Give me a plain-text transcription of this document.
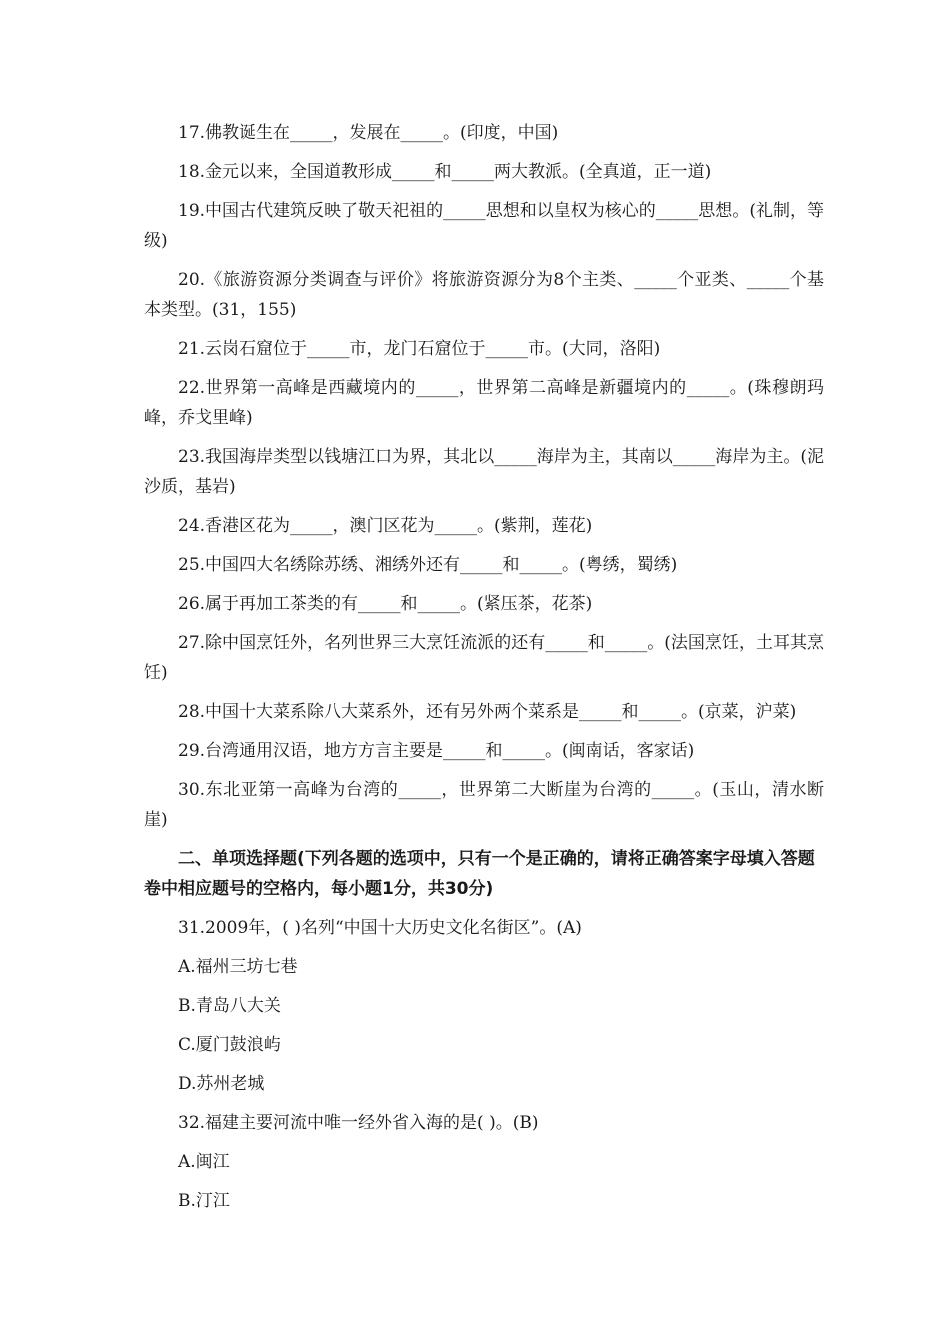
17.佛教诞生在_____，发展在_____。(印度，中国)

18.金元以来，全国道教形成_____和_____两大教派。(全真道，正一道)

19.中国古代建筑反映了敬天祀祖的_____思想和以皇权为核心的_____思想。(礼制，等级)

20.《旅游资源分类调查与评价》将旅游资源分为8个主类、_____个亚类、_____个基本类型。(31，155)

21.云岗石窟位于_____市，龙门石窟位于_____市。(大同，洛阳)

22.世界第一高峰是西藏境内的_____，世界第二高峰是新疆境内的_____。(珠穆朗玛峰，乔戈里峰)

23.我国海岸类型以钱塘江口为界，其北以_____海岸为主，其南以_____海岸为主。(泥沙质，基岩)

24.香港区花为_____，澳门区花为_____。(紫荆，莲花)

25.中国四大名绣除苏绣、湘绣外还有_____和_____。(粤绣，蜀绣)

26.属于再加工茶类的有_____和_____。(紧压茶，花茶)

27.除中国烹饪外，名列世界三大烹饪流派的还有_____和_____。(法国烹饪，土耳其烹饪)

28.中国十大菜系除八大菜系外，还有另外两个菜系是_____和_____。(京菜，沪菜)

29.台湾通用汉语，地方方言主要是_____和_____。(闽南话，客家话)

30.东北亚第一高峰为台湾的_____，世界第二大断崖为台湾的_____。(玉山，清水断崖)

二、单项选择题(下列各题的选项中，只有一个是正确的，请将正确答案字母填入答题卷中相应题号的空格内，每小题1分，共30分)

31.2009年，( )名列“中国十大历史文化名街区”。(A)

A.福州三坊七巷

B.青岛八大关

C.厦门鼓浪屿

D.苏州老城

32.福建主要河流中唯一经外省入海的是( )。(B)

A.闽江

B.汀江
